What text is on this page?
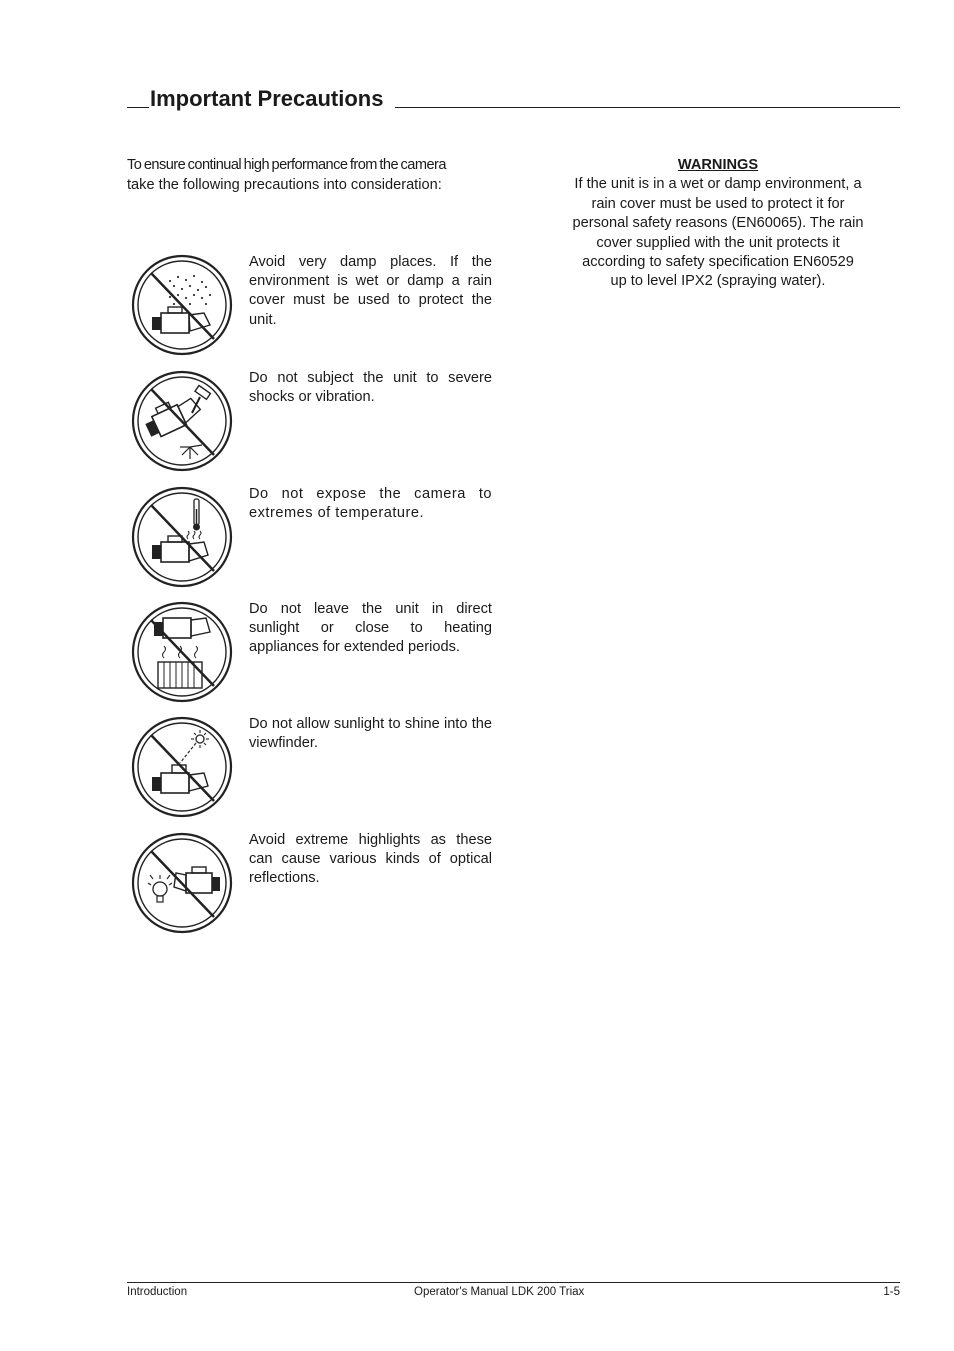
Important Precautions
To ensure continual high performance from the camera
take the following precautions into consideration:
WARNINGS
If the unit is in a wet or damp environment, a
rain cover must be used to protect it for
personal safety reasons (EN60065). The rain
cover supplied with the unit protects it
according to safety specification EN60529
up to level IPX2 (spraying water).
Avoid very damp places. If the environment is wet or damp a rain cover must be used to protect the unit.
Do not subject the unit to severe shocks or vibration.
Do not expose the camera to extremes of temperature.
Do not leave the unit in direct sunlight or close to heating appliances for extended periods.
Do not allow sunlight to shine into the viewfinder.
Avoid extreme highlights as these can cause various kinds of optical reflections.
Introduction	Operator's Manual LDK 200 Triax	1-5
